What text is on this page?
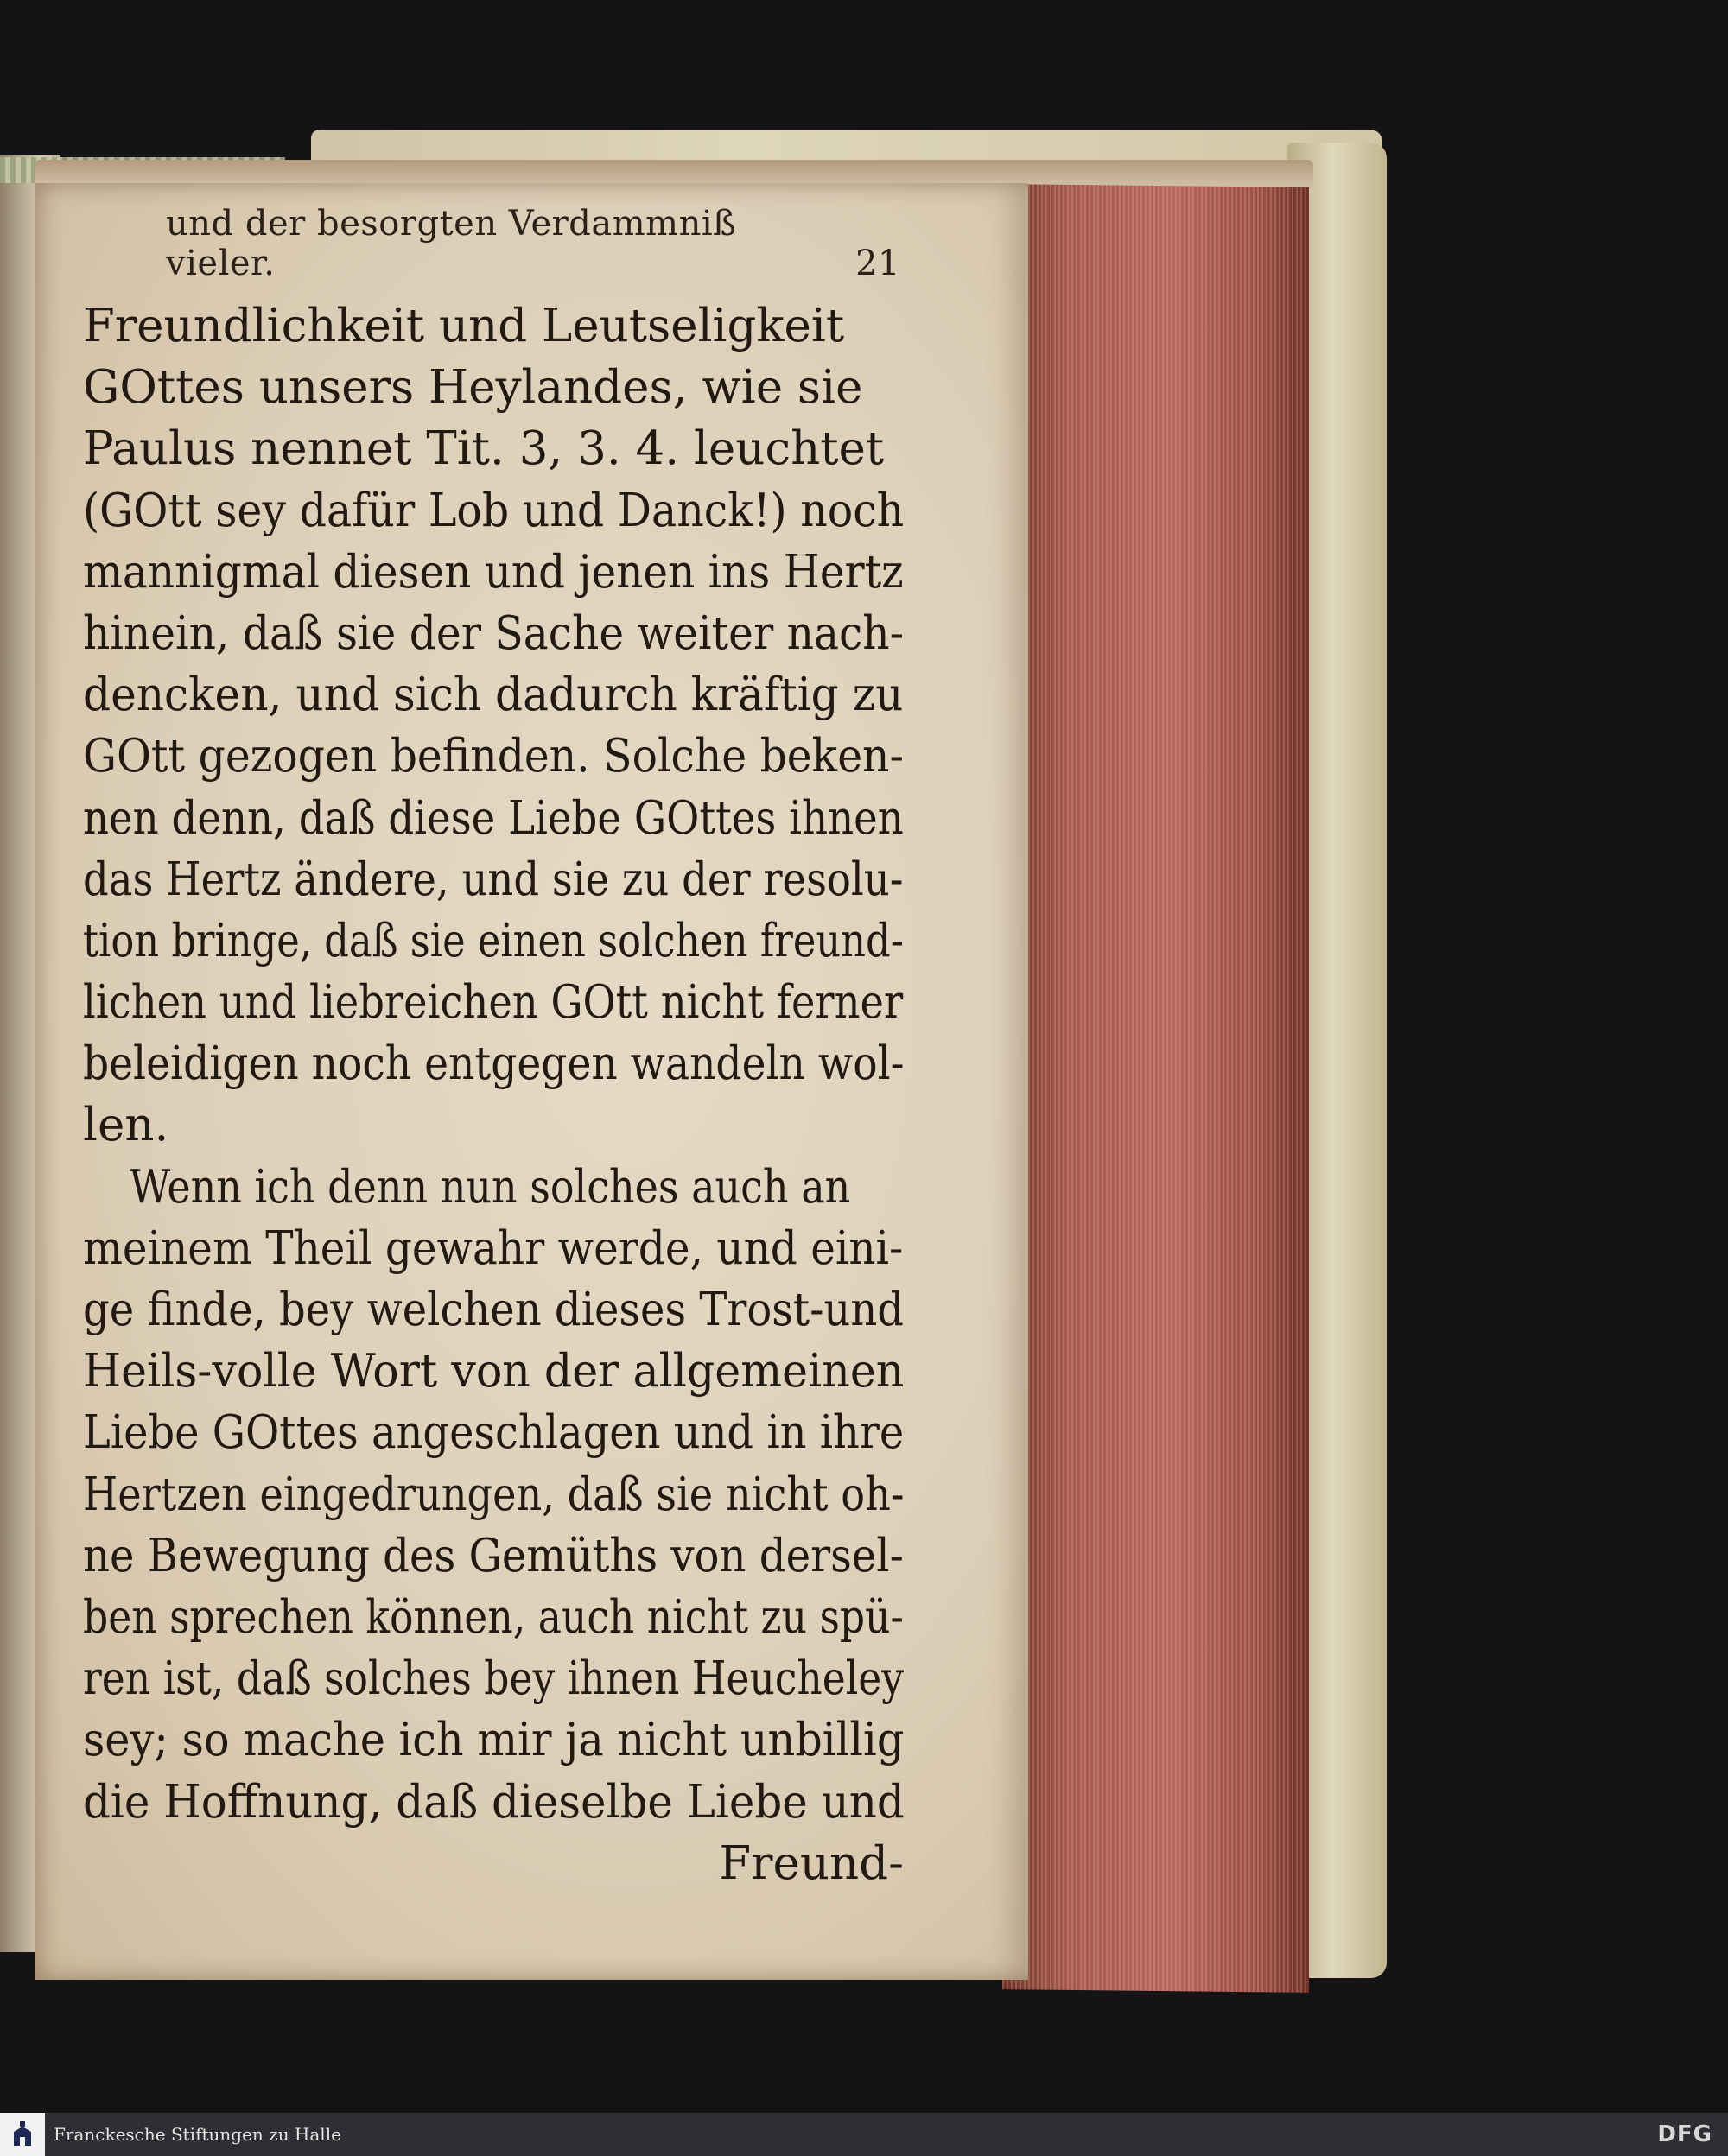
und der besorgten Verdammniß vieler.	21
Freundlichkeit und Leutseligkeit
GOttes unsers Heylandes, wie sie
Paulus nennet Tit. 3, 3. 4. leuchtet
(GOtt sey dafür Lob und Danck!) noch
mannigmal diesen und jenen ins Hertz
hinein, daß sie der Sache weiter nach-
dencken, und sich dadurch kräftig zu
GOtt gezogen befinden. Solche beken-
nen denn, daß diese Liebe GOttes ihnen
das Hertz ändere, und sie zu der resolu-
tion bringe, daß sie einen solchen freund-
lichen und liebreichen GOtt nicht ferner
beleidigen noch entgegen wandeln wol-
len.
Wenn ich denn nun solches auch an
meinem Theil gewahr werde, und eini-
ge finde, bey welchen dieses Trost-und
Heils-volle Wort von der allgemeinen
Liebe GOttes angeschlagen und in ihre
Hertzen eingedrungen, daß sie nicht oh-
ne Bewegung des Gemüths von dersel-
ben sprechen können, auch nicht zu spü-
ren ist, daß solches bey ihnen Heucheley
sey; so mache ich mir ja nicht unbillig
die Hoffnung, daß dieselbe Liebe und
Freund-
Franckesche Stiftungen zu Halle	DFG
